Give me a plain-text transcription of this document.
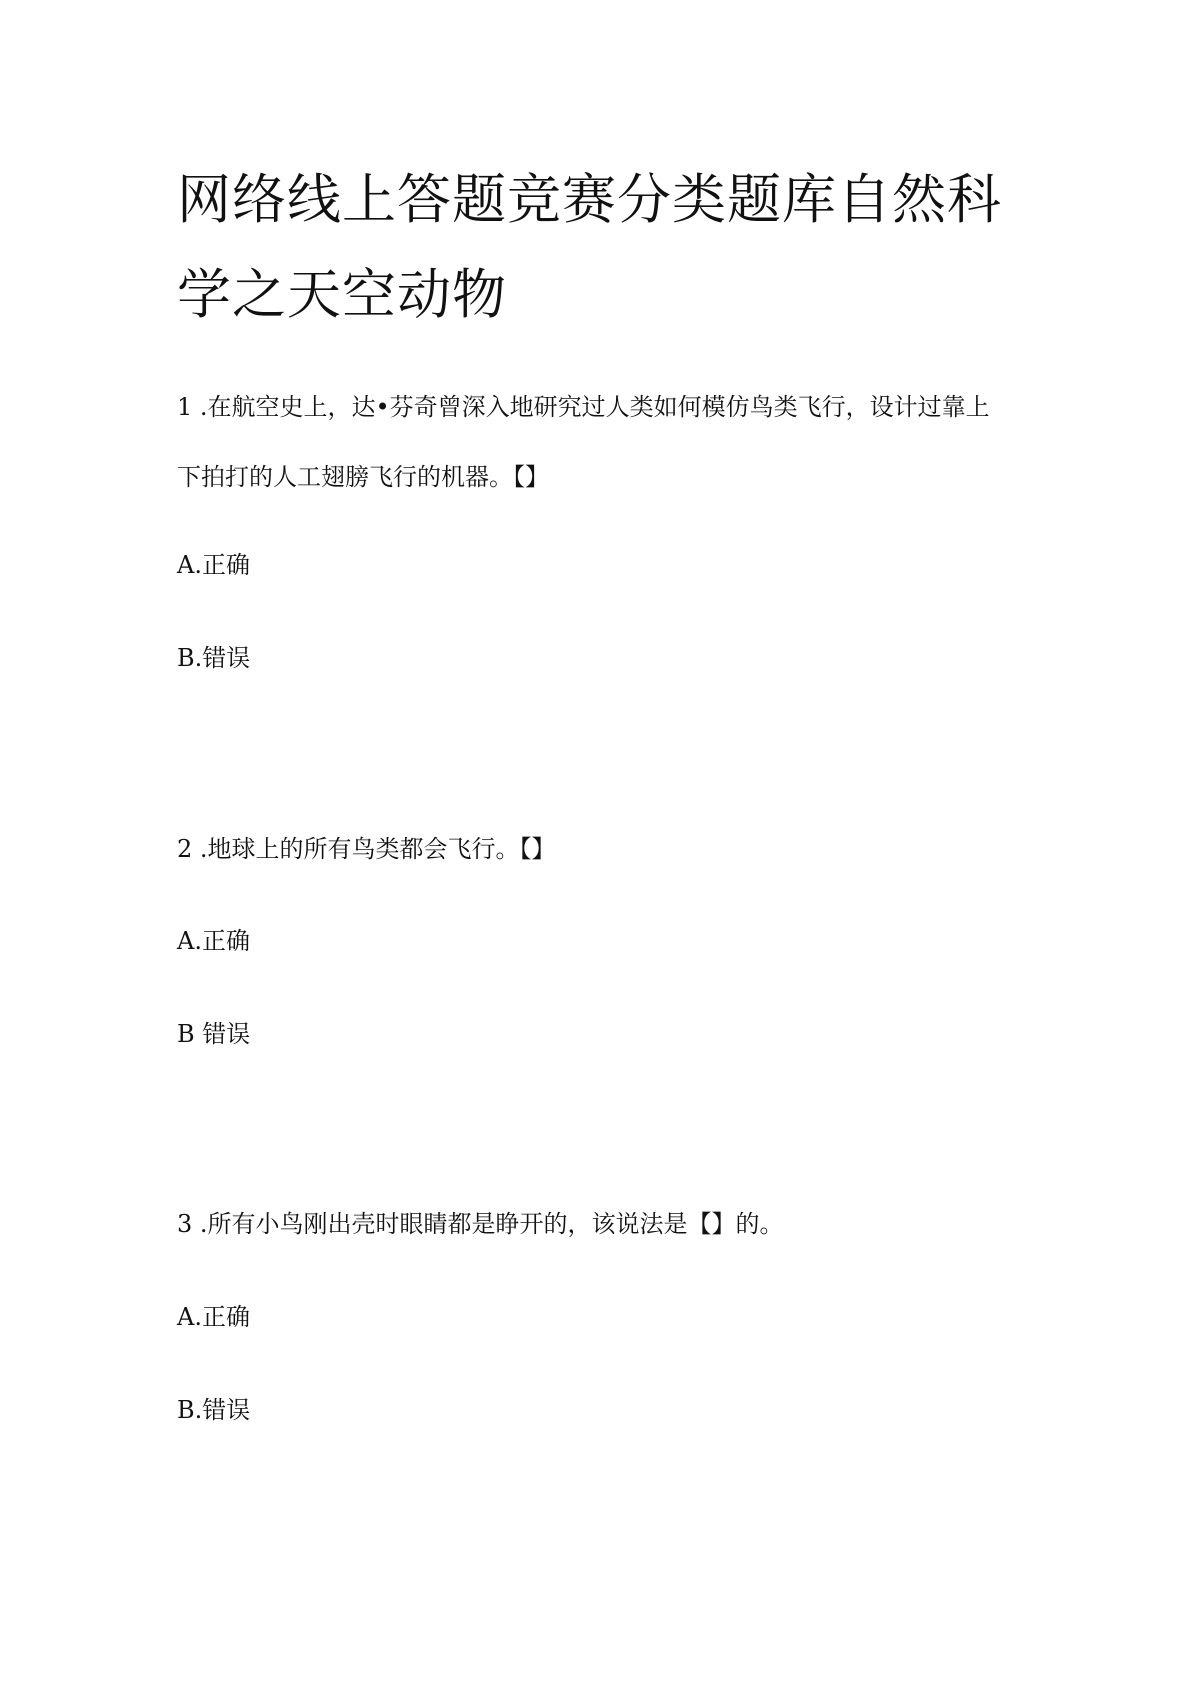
网络线上答题竞赛分类题库自然科学之天空动物

1 .在航空史上，达•芬奇曾深入地研究过人类如何模仿鸟类飞行，设计过靠上下拍打的人工翅膀飞行的机器。【】

A.正确

B.错误

2 .地球上的所有鸟类都会飞行。【】

A.正确

B 错误

3 .所有小鸟刚出壳时眼睛都是睁开的，该说法是【】的。

A.正确

B.错误
